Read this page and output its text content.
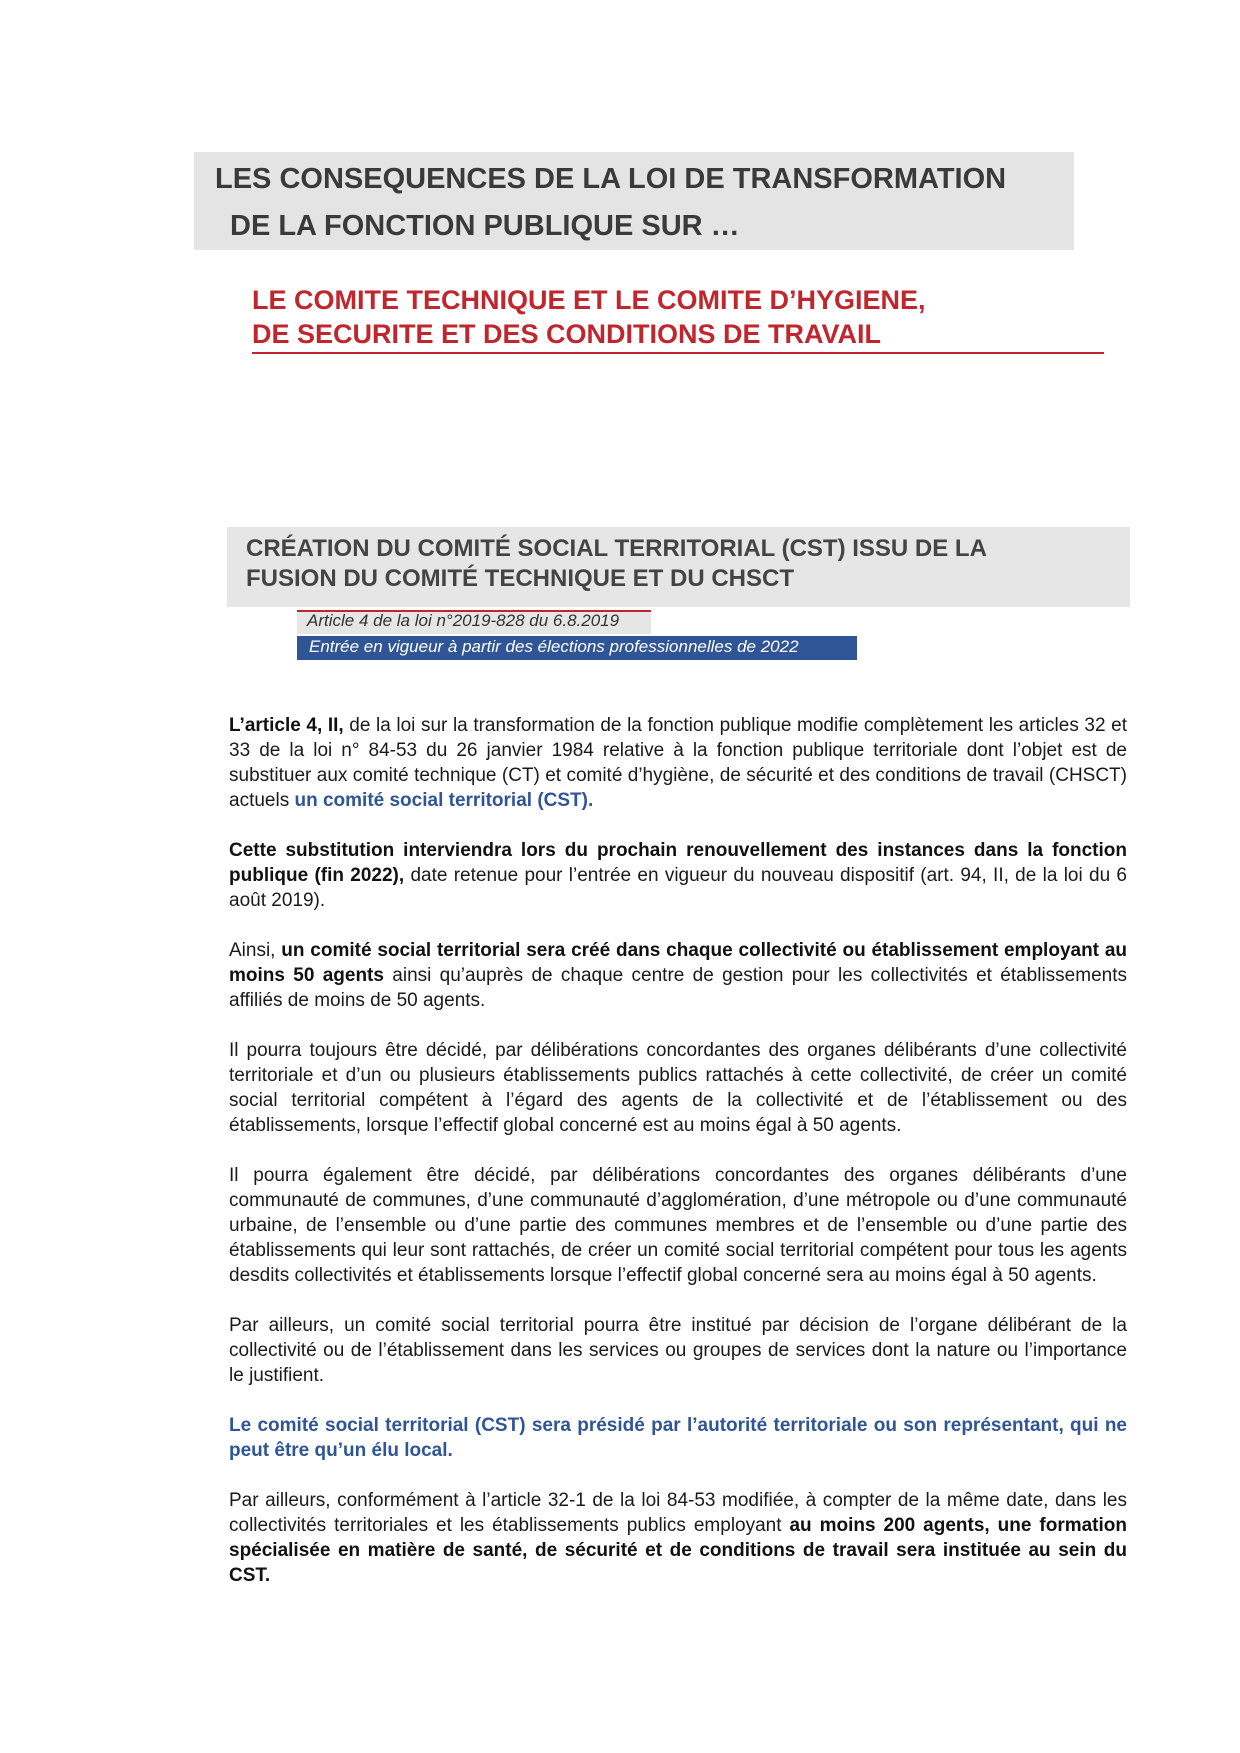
LES CONSEQUENCES DE LA LOI DE TRANSFORMATION
DE LA FONCTION PUBLIQUE SUR …
LE COMITE TECHNIQUE ET LE COMITE D’HYGIENE,
DE SECURITE ET DES CONDITIONS DE TRAVAIL
CRÉATION DU COMITÉ SOCIAL TERRITORIAL (CST) ISSU DE LA
FUSION DU COMITÉ TECHNIQUE ET DU CHSCT
Article 4 de la loi n°2019-828 du 6.8.2019
Entrée en vigueur à partir des élections professionnelles de 2022

L’article 4, II, de la loi sur la transformation de la fonction publique modifie complètement les articles 32 et 33 de la loi n° 84-53 du 26 janvier 1984 relative à la fonction publique territoriale dont l’objet est de substituer aux comité technique (CT) et comité d’hygiène, de sécurité et des conditions de travail (CHSCT) actuels un comité social territorial (CST).

Cette substitution interviendra lors du prochain renouvellement des instances dans la fonction publique (fin 2022), date retenue pour l’entrée en vigueur du nouveau dispositif (art. 94, II, de la loi du 6 août 2019).

Ainsi, un comité social territorial sera créé dans chaque collectivité ou établissement employant au moins 50 agents ainsi qu’auprès de chaque centre de gestion pour les collectivités et établissements affiliés de moins de 50 agents.

Il pourra toujours être décidé, par délibérations concordantes des organes délibérants d’une collectivité territoriale et d’un ou plusieurs établissements publics rattachés à cette collectivité, de créer un comité social territorial compétent à l’égard des agents de la collectivité et de l’établissement ou des établissements, lorsque l’effectif global concerné est au moins égal à 50 agents.

Il pourra également être décidé, par délibérations concordantes des organes délibérants d’une communauté de communes, d’une communauté d’agglomération, d’une métropole ou d’une communauté urbaine, de l’ensemble ou d’une partie des communes membres et de l’ensemble ou d’une partie des établissements qui leur sont rattachés, de créer un comité social territorial compétent pour tous les agents desdits collectivités et établissements lorsque l’effectif global concerné sera au moins égal à 50 agents.

Par ailleurs, un comité social territorial pourra être institué par décision de l’organe délibérant de la collectivité ou de l’établissement dans les services ou groupes de services dont la nature ou l’importance le justifient.

Le comité social territorial (CST) sera présidé par l’autorité territoriale ou son représentant, qui ne peut être qu’un élu local.

Par ailleurs, conformément à l’article 32-1 de la loi 84-53 modifiée, à compter de la même date, dans les collectivités territoriales et les établissements publics employant au moins 200 agents, une formation spécialisée en matière de santé, de sécurité et de conditions de travail sera instituée au sein du CST.
